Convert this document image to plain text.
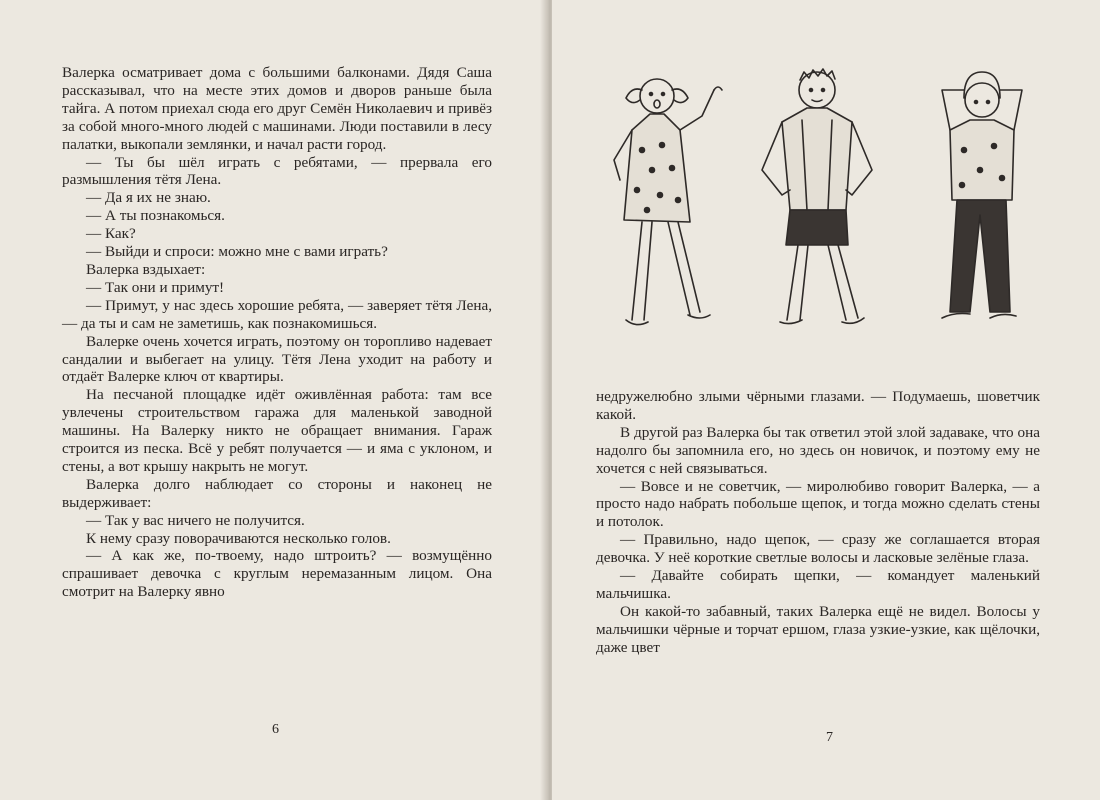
Валерка осматривает дома с большими балконами. Дядя Саша рассказывал, что на месте этих домов и дворов раньше была тайга. А потом приехал сюда его друг Семён Николаевич и привёз за собой много-много людей с машинами. Люди поставили в лесу палатки, выкопали землянки, и начал расти город.

— Ты бы шёл играть с ребятами, — прервала его размышления тётя Лена.

— Да я их не знаю.

— А ты познакомься.

— Как?

— Выйди и спроси: можно мне с вами играть?

Валерка вздыхает:

— Так они и примут!

— Примут, у нас здесь хорошие ребята, — заверяет тётя Лена, — да ты и сам не заметишь, как познакомишься.

Валерке очень хочется играть, поэтому он торопливо надевает сандалии и выбегает на улицу. Тётя Лена уходит на работу и отдаёт Валерке ключ от квартиры.

На песчаной площадке идёт оживлённая работа: там все увлечены строительством гаража для маленькой заводной машины. На Валерку никто не обращает внимания. Гараж строится из песка. Всё у ребят получается — и яма с уклоном, и стены, а вот крышу накрыть не могут.

Валерка долго наблюдает со стороны и наконец не выдерживает:

— Так у вас ничего не получится.

К нему сразу поворачиваются несколько голов.

— А как же, по-твоему, надо штроить? — возмущённо спрашивает девочка с круглым неремазанным лицом. Она смотрит на Валерку явно

6

недружелюбно злыми чёрными глазами. — Подумаешь, шоветчик какой.

В другой раз Валерка бы так ответил этой злой задаваке, что она надолго бы запомнила его, но здесь он новичок, и поэтому ему не хочется с ней связываться.

— Вовсе и не советчик, — миролюбиво говорит Валерка, — а просто надо набрать побольше щепок, и тогда можно сделать стены и потолок.

— Правильно, надо щепок, — сразу же соглашается вторая девочка. У неё короткие светлые волосы и ласковые зелёные глаза.

— Давайте собирать щепки, — командует маленький мальчишка.

Он какой-то забавный, таких Валерка ещё не видел. Волосы у мальчишки чёрные и торчат ершом, глаза узкие-узкие, как щёлочки, даже цвет

7
